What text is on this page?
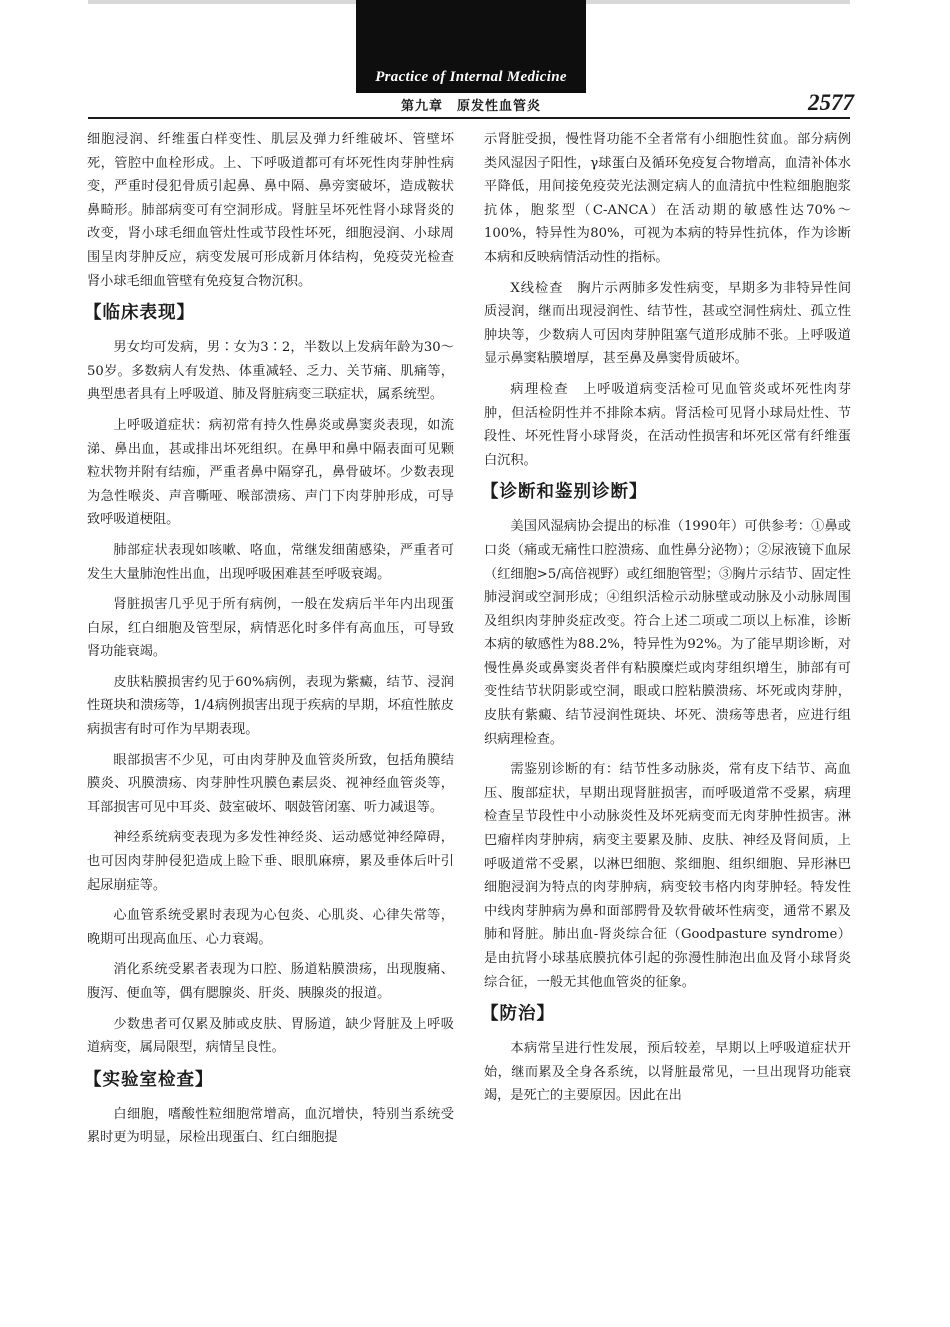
Practice of Internal Medicine
第九章　原发性血管炎	2577

细胞浸润、纤维蛋白样变性、肌层及弹力纤维破坏、管壁坏死，管腔中血栓形成。上、下呼吸道都可有坏死性肉芽肿性病变，严重时侵犯骨质引起鼻、鼻中隔、鼻旁窦破坏，造成鞍状鼻畸形。肺部病变可有空洞形成。肾脏呈坏死性肾小球肾炎的改变，肾小球毛细血管灶性或节段性坏死，细胞浸润、小球周围呈肉芽肿反应，病变发展可形成新月体结构，免疫荧光检查肾小球毛细血管壁有免疫复合物沉积。

【临床表现】

男女均可发病，男∶女为3∶2，半数以上发病年龄为30～50岁。多数病人有发热、体重减轻、乏力、关节痛、肌痛等，典型患者具有上呼吸道、肺及肾脏病变三联症状，属系统型。

上呼吸道症状：病初常有持久性鼻炎或鼻窦炎表现，如流涕、鼻出血，甚或排出坏死组织。在鼻甲和鼻中隔表面可见颗粒状物并附有结痂，严重者鼻中隔穿孔，鼻骨破坏。少数表现为急性喉炎、声音嘶哑、喉部溃疡、声门下肉芽肿形成，可导致呼吸道梗阻。

肺部症状表现如咳嗽、咯血，常继发细菌感染，严重者可发生大量肺泡性出血，出现呼吸困难甚至呼吸衰竭。

肾脏损害几乎见于所有病例，一般在发病后半年内出现蛋白尿，红白细胞及管型尿，病情恶化时多伴有高血压，可导致肾功能衰竭。

皮肤粘膜损害约见于60%病例，表现为紫癜，结节、浸润性斑块和溃疡等，1/4病例损害出现于疾病的早期，坏疽性脓皮病损害有时可作为早期表现。

眼部损害不少见，可由肉芽肿及血管炎所致，包括角膜结膜炎、巩膜溃疡、肉芽肿性巩膜色素层炎、视神经血管炎等，耳部损害可见中耳炎、鼓室破坏、咽鼓管闭塞、听力减退等。

神经系统病变表现为多发性神经炎、运动感觉神经障碍，也可因肉芽肿侵犯造成上睑下垂、眼肌麻痹，累及垂体后叶引起尿崩症等。

心血管系统受累时表现为心包炎、心肌炎、心律失常等，晚期可出现高血压、心力衰竭。

消化系统受累者表现为口腔、肠道粘膜溃疡，出现腹痛、腹泻、便血等，偶有腮腺炎、肝炎、胰腺炎的报道。

少数患者可仅累及肺或皮肤、胃肠道，缺少肾脏及上呼吸道病变，属局限型，病情呈良性。

【实验室检查】

白细胞，嗜酸性粒细胞常增高，血沉增快，特别当系统受累时更为明显，尿检出现蛋白、红白细胞提

示肾脏受损，慢性肾功能不全者常有小细胞性贫血。部分病例类风湿因子阳性，γ球蛋白及循环免疫复合物增高，血清补体水平降低，用间接免疫荧光法测定病人的血清抗中性粒细胞胞浆抗体，胞浆型（C-ANCA）在活动期的敏感性达70%～100%，特异性为80%，可视为本病的特异性抗体，作为诊断本病和反映病情活动性的指标。

X线检查　 胸片示两肺多发性病变，早期多为非特异性间质浸润，继而出现浸润性、结节性，甚或空洞性病灶、孤立性肿块等，少数病人可因肉芽肿阻塞气道形成肺不张。上呼吸道显示鼻窦粘膜增厚，甚至鼻及鼻窦骨质破坏。

病理检查　 上呼吸道病变活检可见血管炎或坏死性肉芽肿，但活检阴性并不排除本病。肾活检可见肾小球局灶性、节段性、坏死性肾小球肾炎，在活动性损害和坏死区常有纤维蛋白沉积。

【诊断和鉴别诊断】

美国风湿病协会提出的标准（1990年）可供参考：①鼻或口炎（痛或无痛性口腔溃疡、血性鼻分泌物）；②尿液镜下血尿（红细胞>5/高倍视野）或红细胞管型；③胸片示结节、固定性肺浸润或空洞形成；④组织活检示动脉壁或动脉及小动脉周围及组织肉芽肿炎症改变。符合上述二项或二项以上标准，诊断本病的敏感性为88.2%，特异性为92%。为了能早期诊断，对慢性鼻炎或鼻窦炎者伴有粘膜糜烂或肉芽组织增生，肺部有可变性结节状阴影或空洞，眼或口腔粘膜溃疡、坏死或肉芽肿，皮肤有紫癜、结节浸润性斑块、坏死、溃疡等患者，应进行组织病理检查。

需鉴别诊断的有：结节性多动脉炎，常有皮下结节、高血压、腹部症状，早期出现肾脏损害，而呼吸道常不受累，病理检查呈节段性中小动脉炎性及坏死病变而无肉芽肿性损害。淋巴瘤样肉芽肿病，病变主要累及肺、皮肤、神经及肾间质，上呼吸道常不受累，以淋巴细胞、浆细胞、组织细胞、异形淋巴细胞浸润为特点的肉芽肿病，病变较韦格内肉芽肿轻。特发性中线肉芽肿病为鼻和面部腭骨及软骨破坏性病变，通常不累及肺和肾脏。肺出血-肾炎综合征（Goodpasture syndrome）是由抗肾小球基底膜抗体引起的弥漫性肺泡出血及肾小球肾炎综合征，一般无其他血管炎的征象。

【防治】

本病常呈进行性发展，预后较差，早期以上呼吸道症状开始，继而累及全身各系统，以肾脏最常见，一旦出现肾功能衰竭，是死亡的主要原因。因此在出
